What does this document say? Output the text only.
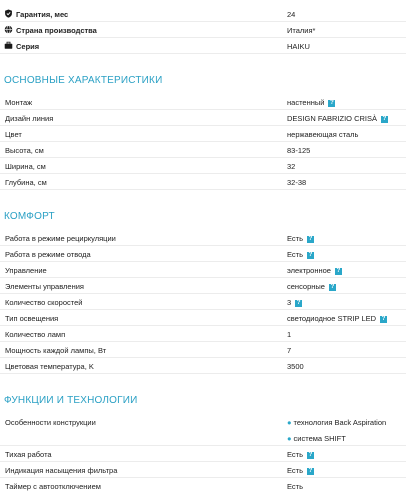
Гарантия, мес	24
Страна производства	Италия*
Серия	HAIKU
ОСНОВНЫЕ ХАРАКТЕРИСТИКИ
Монтаж	настенный ?
Дизайн линия	DESIGN FABRIZIO CRISÀ ?
Цвет	нержавеющая сталь
Высота, см	83-125
Ширина, см	32
Глубина, см	32-38
КОМФОРТ
Работа в режиме рециркуляции	Есть ?
Работа в режиме отвода	Есть ?
Управление	электронное ?
Элементы управления	сенсорные ?
Количество скоростей	3 ?
Тип освещения	светодиодное STRIP LED ?
Количество ламп	1
Мощность каждой лампы, Вт	7
Цветовая температура, K	3500
ФУНКЦИИ И ТЕХНОЛОГИИ
Особенности конструкции	● технология Back Aspiration
● система SHIFT
Тихая работа	Есть ?
Индикация насыщения фильтра	Есть ?
Таймер с автоотключением	Есть
